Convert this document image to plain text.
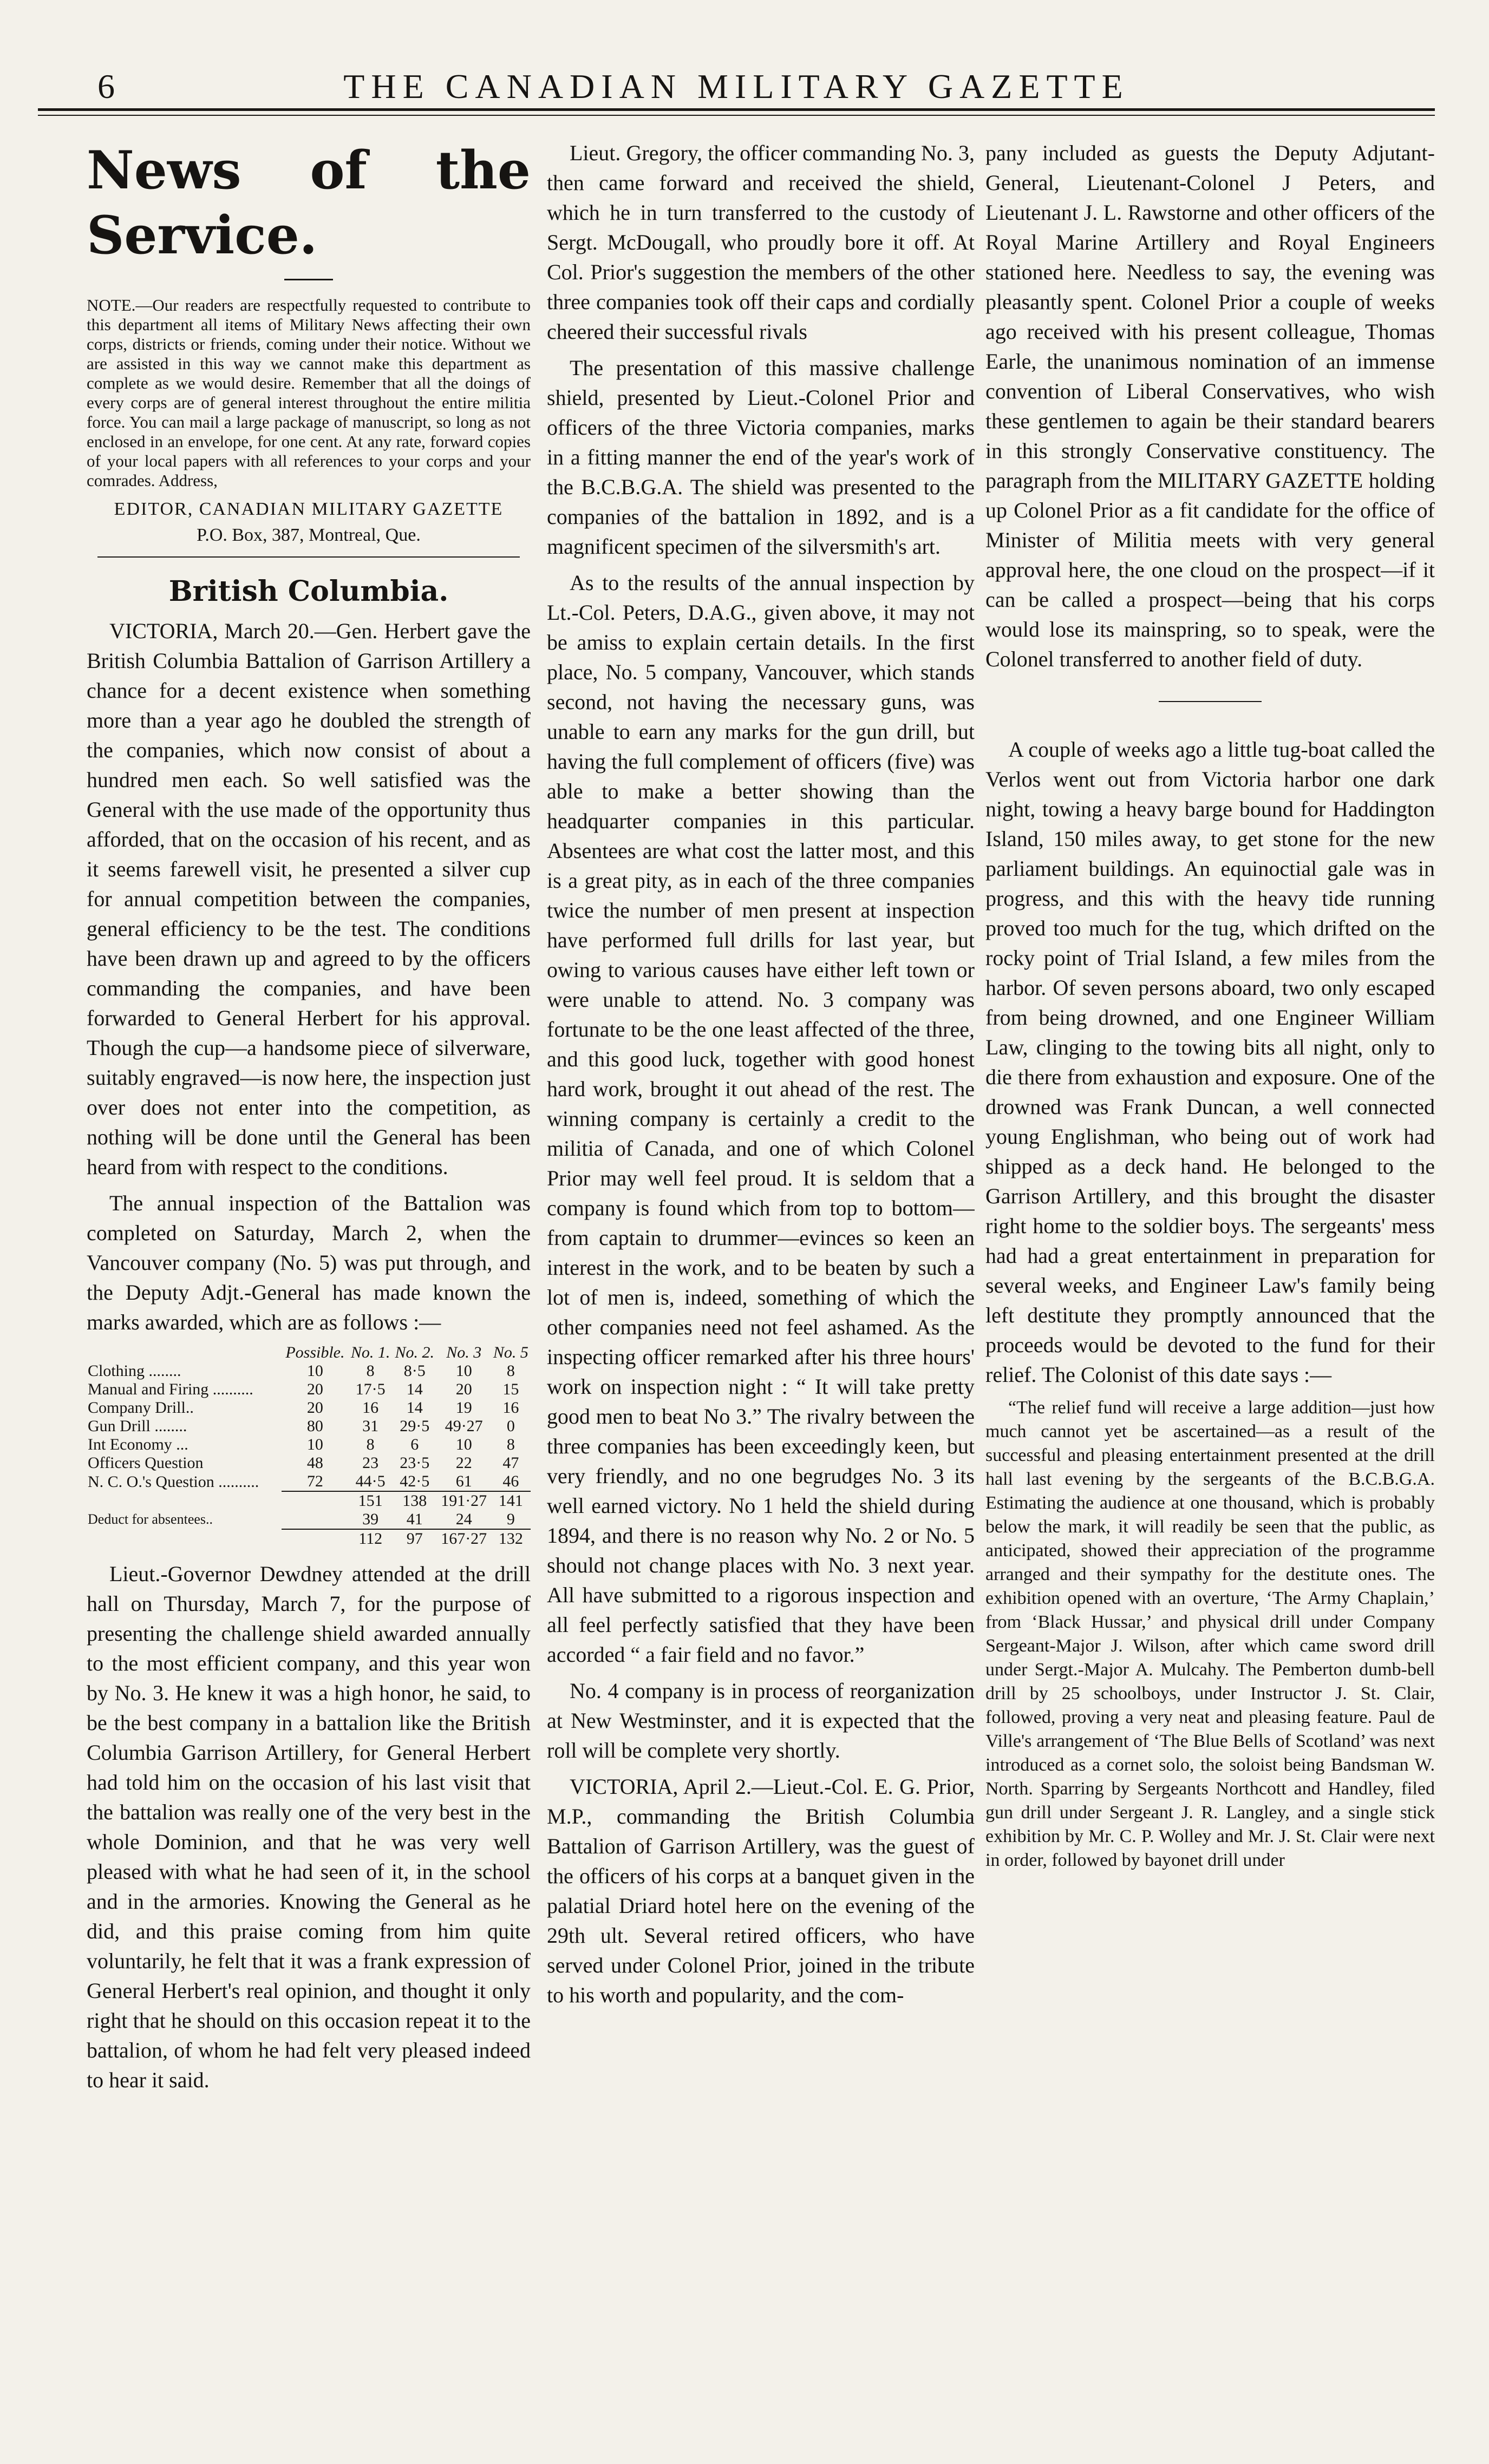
THE CANADIAN MILITARY GAZETTE
6
News of the Service.
NOTE.—Our readers are respectfully requested to contribute to this department all items of Military News affecting their own corps, districts or friends, coming under their notice. Without we are assisted in this way we cannot make this department as complete as we would desire. Remember that all the doings of every corps are of general interest throughout the entire militia force. You can mail a large package of manuscript, so long as not enclosed in an envelope, for one cent. At any rate, forward copies of your local papers with all references to your corps and your comrades. Address,
EDITOR, CANADIAN MILITARY GAZETTE
P.O. Box, 387, Montreal, Que.
British Columbia.

VICTORIA, March 20.—Gen. Herbert gave the British Columbia Battalion of Garrison Artillery a chance for a decent existence when something more than a year ago he doubled the strength of the companies, which now consist of about a hundred men each. So well satisfied was the General with the use made of the opportunity thus afforded, that on the occasion of his recent, and as it seems farewell visit, he presented a silver cup for annual competition between the companies, general efficiency to be the test. The conditions have been drawn up and agreed to by the officers commanding the companies, and have been forwarded to General Herbert for his approval. Though the cup—a handsome piece of silverware, suitably engraved—is now here, the inspection just over does not enter into the competition, as nothing will be done until the General has been heard from with respect to the conditions.

The annual inspection of the Battalion was completed on Saturday, March 2, when the Vancouver company (No. 5) was put through, and the Deputy Adjt.-General has made known the marks awarded, which are as follows :—

	Possible.	No. 1.	No. 2.	No. 3	No. 5
Clothing ........	10	8	8·5	10	8
Manual and Firing ..........	20	17·5	14	20	15
Company Drill..	20	16	14	19	16
Gun Drill ........	80	31	29·5	49·27	0
Int Economy ...	10	8	6	10	8
Officers Question	48	23	23·5	22	47
N. C. O.'s Question ..........	72	44·5	42·5	61	46
		151	138	191·27	141
Deduct for absentees..		39	41	24	9
		112	97	167·27	132

Lieut.-Governor Dewdney attended at the drill hall on Thursday, March 7, for the purpose of presenting the challenge shield awarded annually to the most efficient company, and this year won by No. 3. He knew it was a high honor, he said, to be the best company in a battalion like the British Columbia Garrison Artillery, for General Herbert had told him on the occasion of his last visit that the battalion was really one of the very best in the whole Dominion, and that he was very well pleased with what he had seen of it, in the school and in the armories. Knowing the General as he did, and this praise coming from him quite voluntarily, he felt that it was a frank expression of General Herbert's real opinion, and thought it only right that he should on this occasion repeat it to the battalion, of whom he had felt very pleased indeed to hear it said.

Lieut. Gregory, the officer commanding No. 3, then came forward and received the shield, which he in turn transferred to the custody of Sergt. McDougall, who proudly bore it off. At Col. Prior's suggestion the members of the other three companies took off their caps and cordially cheered their successful rivals

The presentation of this massive challenge shield, presented by Lieut.-Colonel Prior and officers of the three Victoria companies, marks in a fitting manner the end of the year's work of the B.C.B.G.A. The shield was presented to the companies of the battalion in 1892, and is a magnificent specimen of the silversmith's art.

As to the results of the annual inspection by Lt.-Col. Peters, D.A.G., given above, it may not be amiss to explain certain details. In the first place, No. 5 company, Vancouver, which stands second, not having the necessary guns, was unable to earn any marks for the gun drill, but having the full complement of officers (five) was able to make a better showing than the headquarter companies in this particular. Absentees are what cost the latter most, and this is a great pity, as in each of the three companies twice the number of men present at inspection have performed full drills for last year, but owing to various causes have either left town or were unable to attend. No. 3 company was fortunate to be the one least affected of the three, and this good luck, together with good honest hard work, brought it out ahead of the rest. The winning company is certainly a credit to the militia of Canada, and one of which Colonel Prior may well feel proud. It is seldom that a company is found which from top to bottom—from captain to drummer—evinces so keen an interest in the work, and to be beaten by such a lot of men is, indeed, something of which the other companies need not feel ashamed. As the inspecting officer remarked after his three hours' work on inspection night : “ It will take pretty good men to beat No 3.” The rivalry between the three companies has been exceedingly keen, but very friendly, and no one begrudges No. 3 its well earned victory. No 1 held the shield during 1894, and there is no reason why No. 2 or No. 5 should not change places with No. 3 next year. All have submitted to a rigorous inspection and all feel perfectly satisfied that they have been accorded “ a fair field and no favor.”

No. 4 company is in process of reorganization at New Westminster, and it is expected that the roll will be complete very shortly.

VICTORIA, April 2.—Lieut.-Col. E. G. Prior, M.P., commanding the British Columbia Battalion of Garrison Artillery, was the guest of the officers of his corps at a banquet given in the palatial Driard hotel here on the evening of the 29th ult. Several retired officers, who have served under Colonel Prior, joined in the tribute to his worth and popularity, and the com-

pany included as guests the Deputy Adjutant-General, Lieutenant-Colonel J Peters, and Lieutenant J. L. Rawstorne and other officers of the Royal Marine Artillery and Royal Engineers stationed here. Needless to say, the evening was pleasantly spent. Colonel Prior a couple of weeks ago received with his present colleague, Thomas Earle, the unanimous nomination of an immense convention of Liberal Conservatives, who wish these gentlemen to again be their standard bearers in this strongly Conservative constituency. The paragraph from the MILITARY GAZETTE holding up Colonel Prior as a fit candidate for the office of Minister of Militia meets with very general approval here, the one cloud on the prospect—if it can be called a prospect—being that his corps would lose its mainspring, so to speak, were the Colonel transferred to another field of duty.

A couple of weeks ago a little tug-boat called the Verlos went out from Victoria harbor one dark night, towing a heavy barge bound for Haddington Island, 150 miles away, to get stone for the new parliament buildings. An equinoctial gale was in progress, and this with the heavy tide running proved too much for the tug, which drifted on the rocky point of Trial Island, a few miles from the harbor. Of seven persons aboard, two only escaped from being drowned, and one Engineer William Law, clinging to the towing bits all night, only to die there from exhaustion and exposure. One of the drowned was Frank Duncan, a well connected young Englishman, who being out of work had shipped as a deck hand. He belonged to the Garrison Artillery, and this brought the disaster right home to the soldier boys. The sergeants' mess had had a great entertainment in preparation for several weeks, and Engineer Law's family being left destitute they promptly announced that the proceeds would be devoted to the fund for their relief. The Colonist of this date says :—

“The relief fund will receive a large addition—just how much cannot yet be ascertained—as a result of the successful and pleasing entertainment presented at the drill hall last evening by the sergeants of the B.C.B.G.A. Estimating the audience at one thousand, which is probably below the mark, it will readily be seen that the public, as anticipated, showed their appreciation of the programme arranged and their sympathy for the destitute ones. The exhibition opened with an overture, ‘The Army Chaplain,’ from ‘Black Hussar,’ and physical drill under Company Sergeant-Major J. Wilson, after which came sword drill under Sergt.-Major A. Mulcahy. The Pemberton dumb-bell drill by 25 schoolboys, under Instructor J. St. Clair, followed, proving a very neat and pleasing feature. Paul de Ville's arrangement of ‘The Blue Bells of Scotland’ was next introduced as a cornet solo, the soloist being Bandsman W. North. Sparring by Sergeants Northcott and Handley, filed gun drill under Sergeant J. R. Langley, and a single stick exhibition by Mr. C. P. Wolley and Mr. J. St. Clair were next in order, followed by bayonet drill under
